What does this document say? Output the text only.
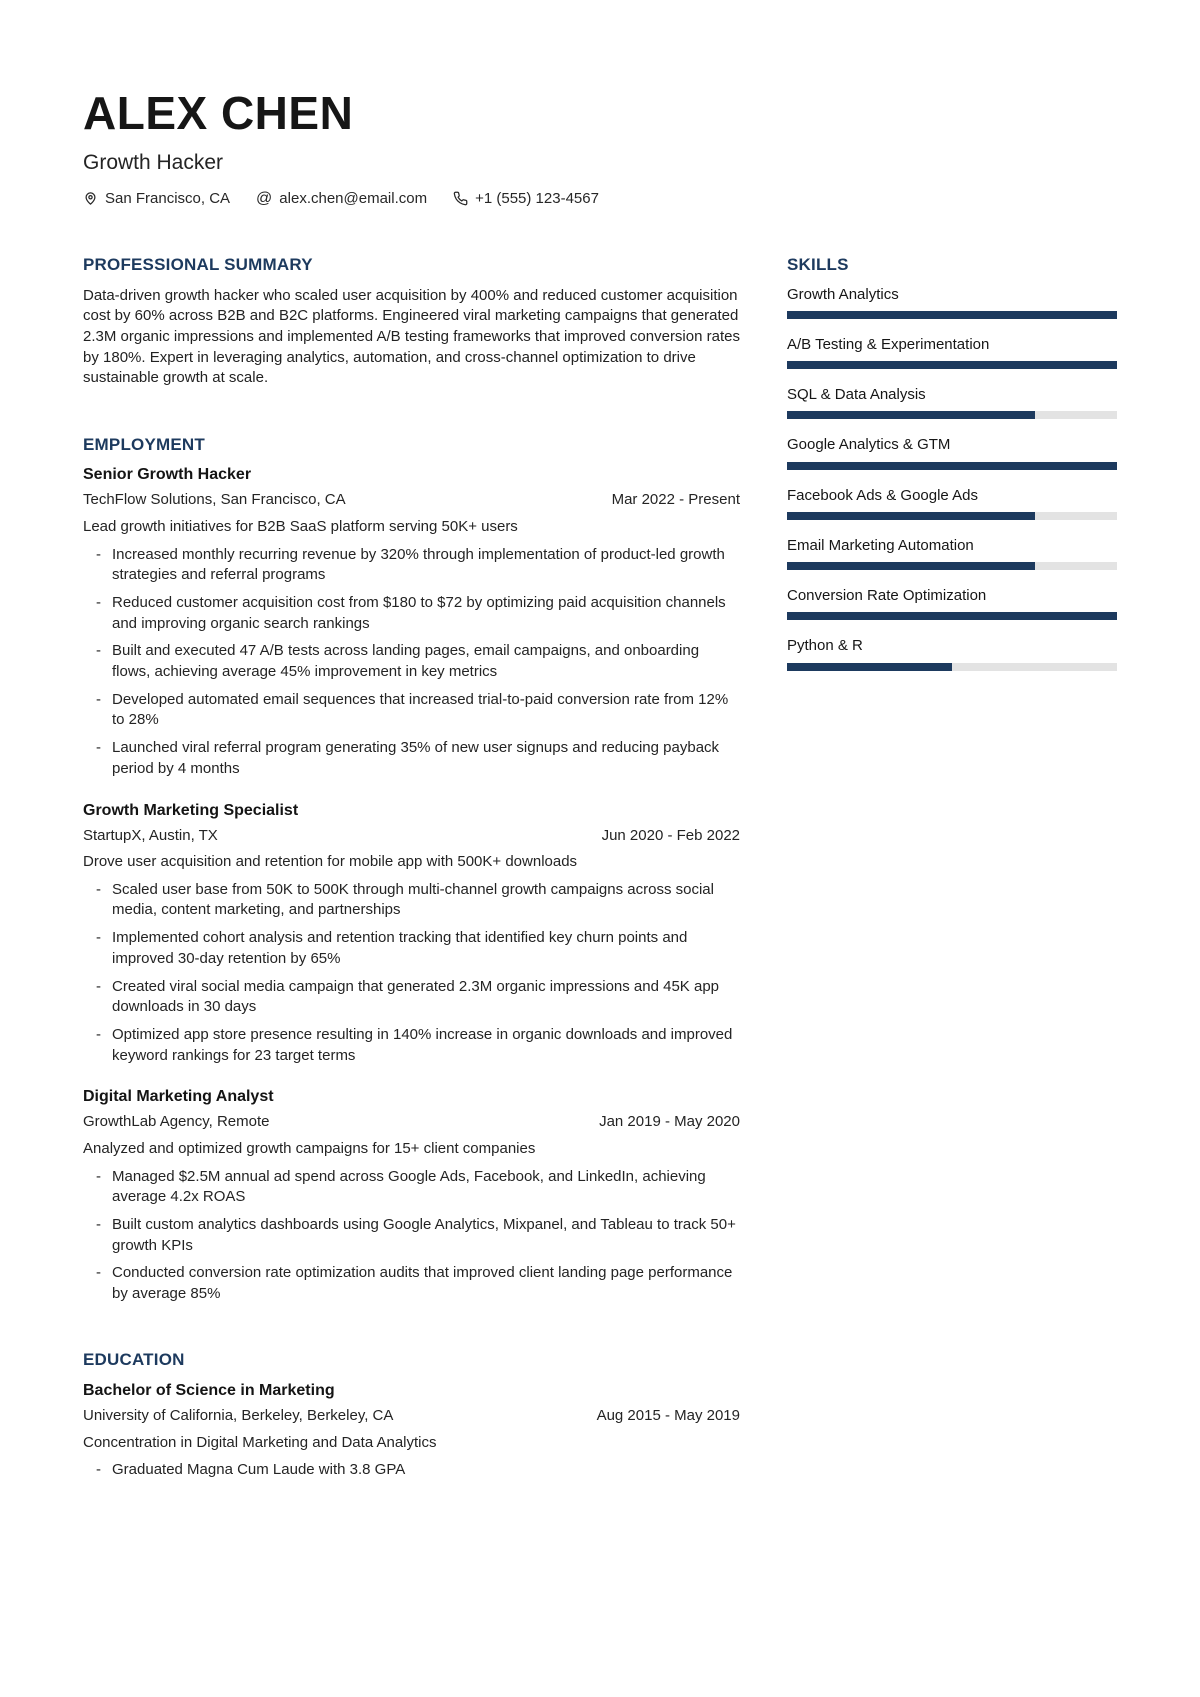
ALEX CHEN
Growth Hacker
San Francisco, CA @ alex.chen@email.com	+1 (555) 123-4567
PROFESSIONAL SUMMARY
Data-driven growth hacker who scaled user acquisition by 400% and reduced customer acquisition cost by 60% across B2B and B2C platforms. Engineered viral marketing campaigns that generated 2.3M organic impressions and implemented A/B testing frameworks that improved conversion rates by 180%. Expert in leveraging analytics, automation, and cross-channel optimization to drive sustainable growth at scale.
EMPLOYMENT
Senior Growth Hacker
TechFlow Solutions, San Francisco, CA	Mar 2022 - Present
Lead growth initiatives for B2B SaaS platform serving 50K+ users
- Increased monthly recurring revenue by 320% through implementation of product-led growth strategies and referral programs
- Reduced customer acquisition cost from $180 to $72 by optimizing paid acquisition channels and improving organic search rankings
- Built and executed 47 A/B tests across landing pages, email campaigns, and onboarding flows, achieving average 45% improvement in key metrics
- Developed automated email sequences that increased trial-to-paid conversion rate from 12% to 28%
- Launched viral referral program generating 35% of new user signups and reducing payback period by 4 months
Growth Marketing Specialist
StartupX, Austin, TX	Jun 2020 - Feb 2022
Drove user acquisition and retention for mobile app with 500K+ downloads
- Scaled user base from 50K to 500K through multi-channel growth campaigns across social media, content marketing, and partnerships
- Implemented cohort analysis and retention tracking that identified key churn points and improved 30-day retention by 65%
- Created viral social media campaign that generated 2.3M organic impressions and 45K app downloads in 30 days
- Optimized app store presence resulting in 140% increase in organic downloads and improved keyword rankings for 23 target terms
Digital Marketing Analyst
GrowthLab Agency, Remote	Jan 2019 - May 2020
Analyzed and optimized growth campaigns for 15+ client companies
- Managed $2.5M annual ad spend across Google Ads, Facebook, and LinkedIn, achieving average 4.2x ROAS
- Built custom analytics dashboards using Google Analytics, Mixpanel, and Tableau to track 50+ growth KPIs
- Conducted conversion rate optimization audits that improved client landing page performance by average 85%
EDUCATION
Bachelor of Science in Marketing
University of California, Berkeley, Berkeley, CA	Aug 2015 - May 2019
Concentration in Digital Marketing and Data Analytics
- Graduated Magna Cum Laude with 3.8 GPA
SKILLS
Growth Analytics
A/B Testing & Experimentation
SQL & Data Analysis
Google Analytics & GTM
Facebook Ads & Google Ads
Email Marketing Automation
Conversion Rate Optimization
Python & R
